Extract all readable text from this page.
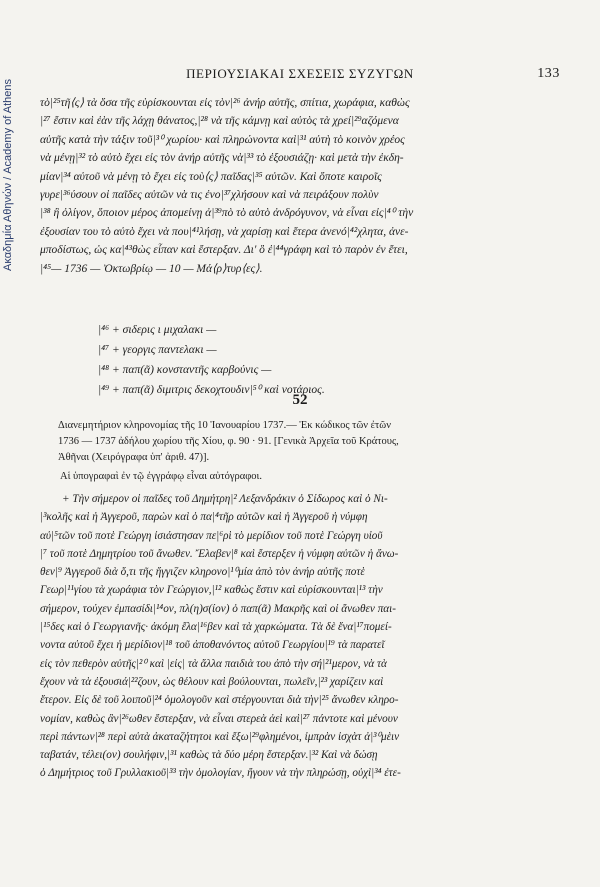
Ακαδημία Αθηνών / Academy of Athens
ΠΕΡΙΟΥΣΙΑΚΑΙ ΣΧΕΣΕΙΣ ΣΥΖΥΓΩΝ	133
τὸ|²⁵τῆ⟨ς⟩ τὰ ὅσα τῆς εὑρίσκουνται εἰς τὸν|²⁶ ἀνήρ αὐτῆς, σπίτια, χωράφια, καθὼς
|²⁷ ἔστιν καὶ ἐὰν τῆς λάχῃ θάνατος,|²⁸ νὰ τῆς κάμνῃ καὶ αὐτὸς τὰ χρεί|²⁹αζόμενα
αὐτῆς κατὰ τὴν τάξιν τοῦ|³⁰ χωρίου· καὶ πληρώνοντα καὶ|³¹ αὐτὴ τὸ κοινὸν χρέος
νὰ μένῃ|³² τὸ αὐτὸ ἔχει εἰς τὸν ἀνήρ αὐτῆς νὰ|³³ τὸ ἐξουσιάζῃ· καὶ μετὰ τὴν ἐκδη-
μίαν|³⁴ αὐτοῦ νὰ μένῃ τὸ ἔχει εἰς τοὺ⟨ς⟩ παῖδας|³⁵ αὐτῶν. Καὶ ὅποτε καιροῖς
γυρε|³⁶ύσουν οἱ παῖδες αὐτῶν νὰ τις ἐνο|³⁷χλήσουν καὶ νὰ πειράξουν πολὺν
|³⁸ ἢ ὀλίγον, ὅποιον μέρος ἀπομείνῃ ἀ|³⁹πὸ τὸ αὐτὸ ἀνδρόγυνον, νὰ εἶναι εἰς|⁴⁰ τὴν
ἐξουσίαν του τὸ αὐτὸ ἔχει νὰ που|⁴¹λήσῃ, νὰ χαρίσῃ καὶ ἕτερα ἀνενό|⁴²χλητα, ἀνε-
μποδίστως, ὡς κα|⁴³θὼς εἶπαν καὶ ἔστερξαν. Δι' ὃ ἐ|⁴⁴γράφη καὶ τὸ παρὸν ἐν ἔτει,
|⁴⁵— 1736 — Ὀκτωβρίῳ — 10 — Μά⟨ρ⟩τυρ⟨ες⟩.
|⁴⁶ + σιδερις ι μιχαλακι —
|⁴⁷ + γεοργις παντελακι —
|⁴⁸ + παπ(ᾶ) κονσταντῆς καρβούνις —
|⁴⁹ + παπ(ᾶ) διμιτρις δεκοχτουδιν|⁵⁰ καὶ νοτάριος.
52
Διανεμητήριον κληρονομίας τῆς 10 Ἰανουαρίου 1737.— Ἐκ κώδικος τῶν ἐτῶν
1736 — 1737 ἀδήλου χωρίου τῆς Χίου, φ. 90 · 91. [Γενικὰ Ἀρχεῖα τοῦ Κράτους,
Ἀθῆναι (Χειρόγραφα ὑπ' ἀριθ. 47)].
Αἱ ὑπογραφαὶ ἐν τῷ ἐγγράφῳ εἶναι αὐτόγραφοι.
+ Τὴν σήμερον οἱ παῖδες τοῦ Δημήτρη|² Λεξανδράκιν ὁ Σίδωρος καὶ ὁ Νι-
|³κολῆς καὶ ἡ Ἀγγεροῦ, παρὼν καὶ ὁ πα|⁴τῆρ αὐτῶν καὶ ἡ Ἀγγεροῦ ἡ νύμφη
αὐ|⁵τῶν τοῦ ποτὲ Γεώργη ἰσιάστησαν πε|⁶ρὶ τὸ μερίδιον τοῦ ποτὲ Γεώργη υἱοῦ
|⁷ τοῦ ποτὲ Δημητρίου τοῦ ἄνωθεν. Ἔλαβεν|⁸ καὶ ἔστερξεν ἡ νύμφη αὐτῶν ἡ ἄνω-
θεν|⁹ Ἀγγεροῦ διὰ ὅ,τι τῆς ἤγγιζεν κληρονο|¹⁰μία ἀπὸ τὸν ἀνήρ αὐτῆς ποτὲ
Γεωρ|¹¹γίου τὰ χωράφια τὸν Γεώργιον,|¹² καθὼς ἔστιν καὶ εὑρίσκουνται|¹³ τὴν
σήμερον, τούχεν ἐμπασίδι|¹⁴ον, πλ(η)σ(ίον) ὁ παπ(ᾶ) Μακρῆς καὶ οἱ ἄνωθεν παι-
|¹⁵δες καὶ ὁ Γεωργιανῆς· ἀκόμη ἔλα|¹⁶βεν καὶ τὰ χαρκώματα. Τὰ δὲ ἕνα|¹⁷πομεί-
νοντα αὐτοῦ ἔχει ἡ μερίδιον|¹⁸ τοῦ ἀποθανόντος αὐτοῦ Γεωργίου|¹⁹ τὰ παρατεῖ
εἰς τὸν πεθερὸν αὐτῆς|²⁰ καὶ |εἰς| τὰ ἄλλα παιδιὰ του ἀπὸ τὴν σή|²¹μερον, νὰ τὰ
ἔχουν νὰ τὰ ἐξουσιά|²²ζουν, ὡς θέλουν καὶ βούλουνται, πωλεῖν,|²³ χαρίζειν καὶ
ἕτερον. Εἰς δὲ τοῦ λοιποῦ|²⁴ ὁμολογοῦν καὶ στέργουνται διὰ τὴν|²⁵ ἄνωθεν κληρο-
νομίαν, καθὼς ἂν|²⁶ωθεν ἔστερξαν, νὰ εἶναι στερεὰ ἀεὶ καὶ|²⁷ πάντοτε καὶ μένουν
περὶ πάντων|²⁸ περὶ αὐτὰ ἀκαταζήτητοι καὶ ἔξω|²⁹φλημένοι, ἰμπρὰν ἰσχὰτ ἀ|³⁰μὲιν
ταβατάν, τέλει(ον) σουλήφιν,|³¹ καθὼς τὰ δύο μέρη ἔστερξαν.|³² Καὶ νὰ δώσῃ
ὁ Δημήτριος τοῦ Γρυλλακιοῦ|³³ τὴν ὁμολογίαν, ἤγουν νὰ τὴν πληρώσῃ, οὐχὶ|³⁴ ἐτε-
